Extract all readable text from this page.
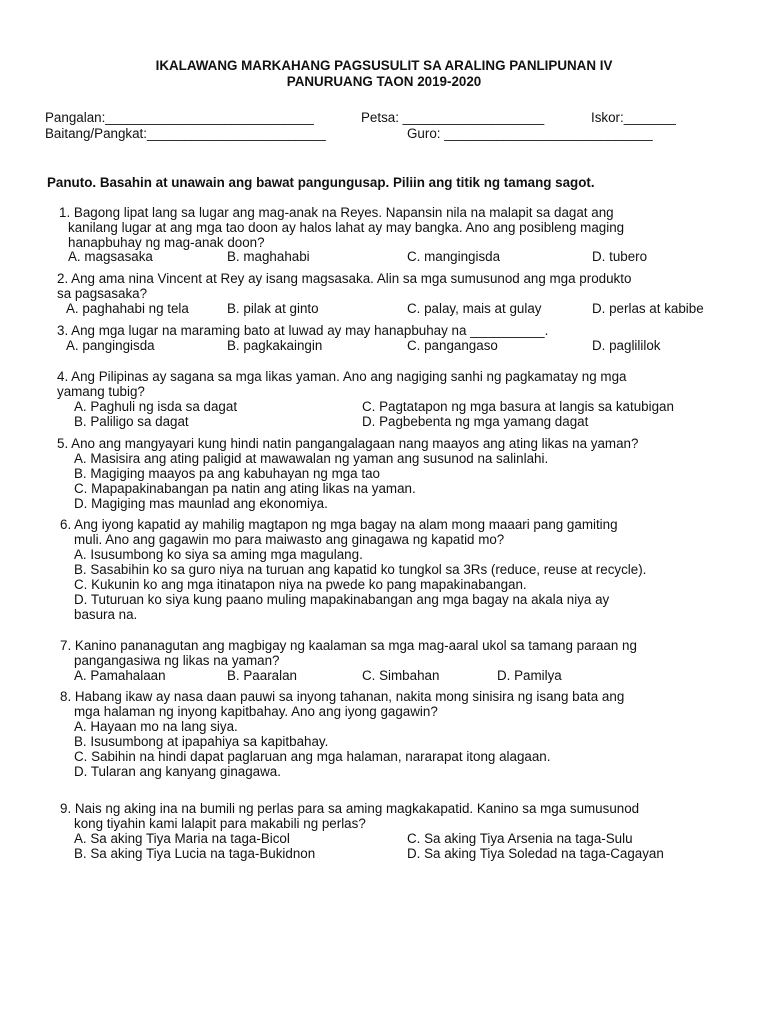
IKALAWANG MARKAHANG PAGSUSULIT SA ARALING PANLIPUNAN IV
PANURUANG TAON 2019-2020
Pangalan:____________________________	Petsa: ___________________	Iskor:_______
Baitang/Pangkat:________________________	Guro: ____________________________
Panuto. Basahin at unawain ang bawat pangungusap. Piliin ang titik ng tamang sagot.
1. Bagong lipat lang sa lugar ang mag-anak na Reyes. Napansin nila na malapit sa dagat ang
kanilang lugar at ang mga tao doon ay halos lahat ay may bangka. Ano ang posibleng maging
hanapbuhay ng mag-anak doon?
A. magsasaka	B. maghahabi	C. mangingisda	D. tubero
2. Ang ama nina Vincent at Rey ay isang magsasaka. Alin sa mga sumusunod ang mga produkto
sa pagsasaka?
A. paghahabi ng tela	B. pilak at ginto	C. palay, mais at gulay	D. perlas at kabibe
3. Ang mga lugar na maraming bato at luwad ay may hanapbuhay na __________.
A. pangingisda	B. pagkakaingin	C. pangangaso	D. paglililok
4. Ang Pilipinas ay sagana sa mga likas yaman. Ano ang nagiging sanhi ng pagkamatay ng mga
yamang tubig?
A. Paghuli ng isda sa dagat
B. Paliligo sa dagat
C. Pagtatapon ng mga basura at langis sa katubigan
D. Pagbebenta ng mga yamang dagat
5. Ano ang mangyayari kung hindi natin pangangalagaan nang maayos ang ating likas na yaman?
A. Masisira ang ating paligid at mawawalan ng yaman ang susunod na salinlahi.
B. Magiging maayos pa ang kabuhayan ng mga tao
C. Mapapakinabangan pa natin ang ating likas na yaman.
D. Magiging mas maunlad ang ekonomiya.
6. Ang iyong kapatid ay mahilig magtapon ng mga bagay na alam mong maaari pang gamiting
muli. Ano ang gagawin mo para maiwasto ang ginagawa ng kapatid mo?
A. Isusumbong ko siya sa aming mga magulang.
B. Sasabihin ko sa guro niya na turuan ang kapatid ko tungkol sa 3Rs (reduce, reuse at recycle).
C. Kukunin ko ang mga itinatapon niya na pwede ko pang mapakinabangan.
D. Tuturuan ko siya kung paano muling mapakinabangan ang mga bagay na akala niya ay
basura na.
7. Kanino pananagutan ang magbigay ng kaalaman sa mga mag-aaral ukol sa tamang paraan ng
pangangasiwa ng likas na yaman?
A. Pamahalaan	B. Paaralan	C. Simbahan	D. Pamilya
8. Habang ikaw ay nasa daan pauwi sa inyong tahanan, nakita mong sinisira ng isang bata ang
mga halaman ng inyong kapitbahay. Ano ang iyong gagawin?
A. Hayaan mo na lang siya.
B. Isusumbong at ipapahiya sa kapitbahay.
C. Sabihin na hindi dapat paglaruan ang mga halaman, nararapat itong alagaan.
D. Tularan ang kanyang ginagawa.
9. Nais ng aking ina na bumili ng perlas para sa aming magkakapatid. Kanino sa mga sumusunod
kong tiyahin kami lalapit para makabili ng perlas?
A. Sa aking Tiya Maria na taga-Bicol
B. Sa aking Tiya Lucia na taga-Bukidnon
C. Sa aking Tiya Arsenia na taga-Sulu
D. Sa aking Tiya Soledad na taga-Cagayan
